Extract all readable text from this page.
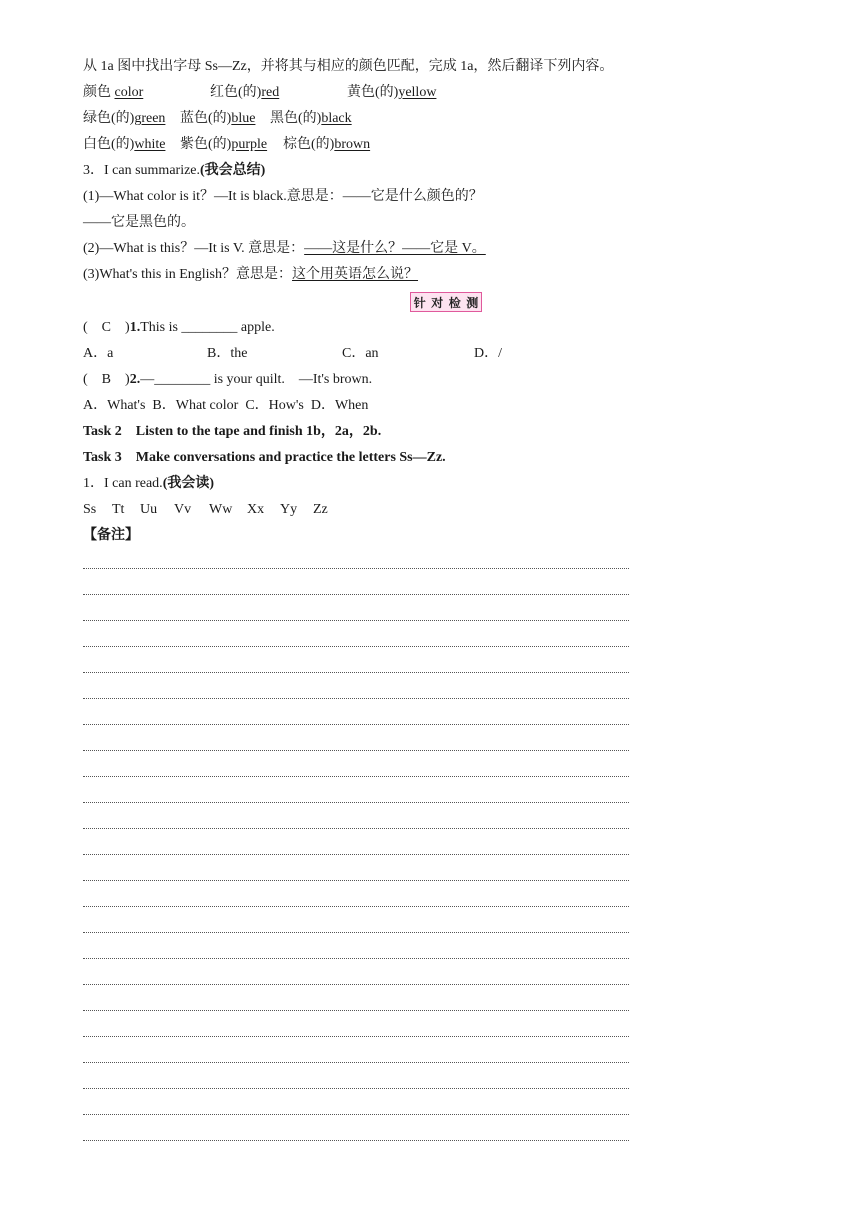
从 1a 图中找出字母 Ss—Zz，并将其与相应的颜色匹配，完成 1a，然后翻译下列内容。
颜色 color	红色(的)red	黄色(的)yellow
绿色(的)green 蓝色(的)blue 黑色(的)black
白色(的)white 紫色(的)purple 棕色(的)brown
3．I can summarize.(我会总结)
(1)—What color is it？—It is black.意思是：——它是什么颜色的？
——它是黑色的。
(2)—What is this？—It is V. 意思是：——这是什么？——它是 V。
(3)What's this in English？意思是：这个用英语怎么说？
针 对 检 测
(　C　)1.This is ________ apple.
A．a	B．the	C．an	D．/
(　B　)2.—________ is your quilt.　—It's brown.
A．What's B．What color C．How's D．When
Task 2　Listen to the tape and finish 1b，2a，2b.
Task 3　Make conversations and practice the letters Ss—Zz.
1．I can read.(我会读)
Ss Tt Uu Vv Ww Xx Yy Zz
【备注】
